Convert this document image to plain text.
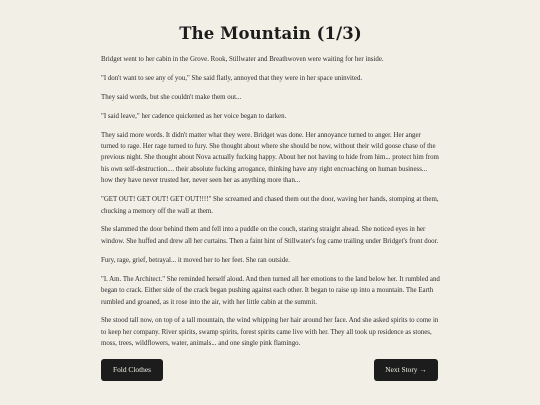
The Mountain (1/3)

Bridget went to her cabin in the Grove. Rook, Stillwater and Breathwoven were waiting for her inside.

"I don't want to see any of you," She said flatly, annoyed that they were in her space uninvited.

They said words, but she couldn't make them out...

"I said leave," her cadence quickened as her voice began to darken.

They said more words. It didn't matter what they were. Bridget was done. Her annoyance turned to anger. Her anger turned to rage. Her rage turned to fury. She thought about where she should be now, without their wild goose chase of the previous night. She thought about Nova actually fucking happy. About her not having to hide from him... protect him from his own self-destruction.... their absolute fucking arrogance, thinking have any right encroaching on human business... how they have never trusted her, never seen her as anything more than...

"GET OUT! GET OUT! GET OUT!!!!" She screamed and chased them out the door, waving her hands, stomping at them, chucking a memory off the wall at them.

She slammed the door behind them and fell into a puddle on the couch, staring straight ahead. She noticed eyes in her window. She huffed and drew all her curtains. Then a faint hint of Stillwater's fog came trailing under Bridget's front door.

Fury, rage, grief, betrayal... it moved her to her feet. She ran outside.

"I. Am. The Architect." She reminded herself aloud. And then turned all her emotions to the land below her. It rumbled and began to crack. Either side of the crack began pushing against each other. It began to raise up into a mountain. The Earth rumbled and groaned, as it rose into the air, with her little cabin at the summit.

She stood tall now, on top of a tall mountain, the wind whipping her hair around her face. And she asked spirits to come in to keep her company. River spirits, swamp spirits, forest spirits came live with her. They all took up residence as stones, moss, trees, wildflowers, water, animals... and one single pink flamingo.

Fold Clothes	Next Story →
